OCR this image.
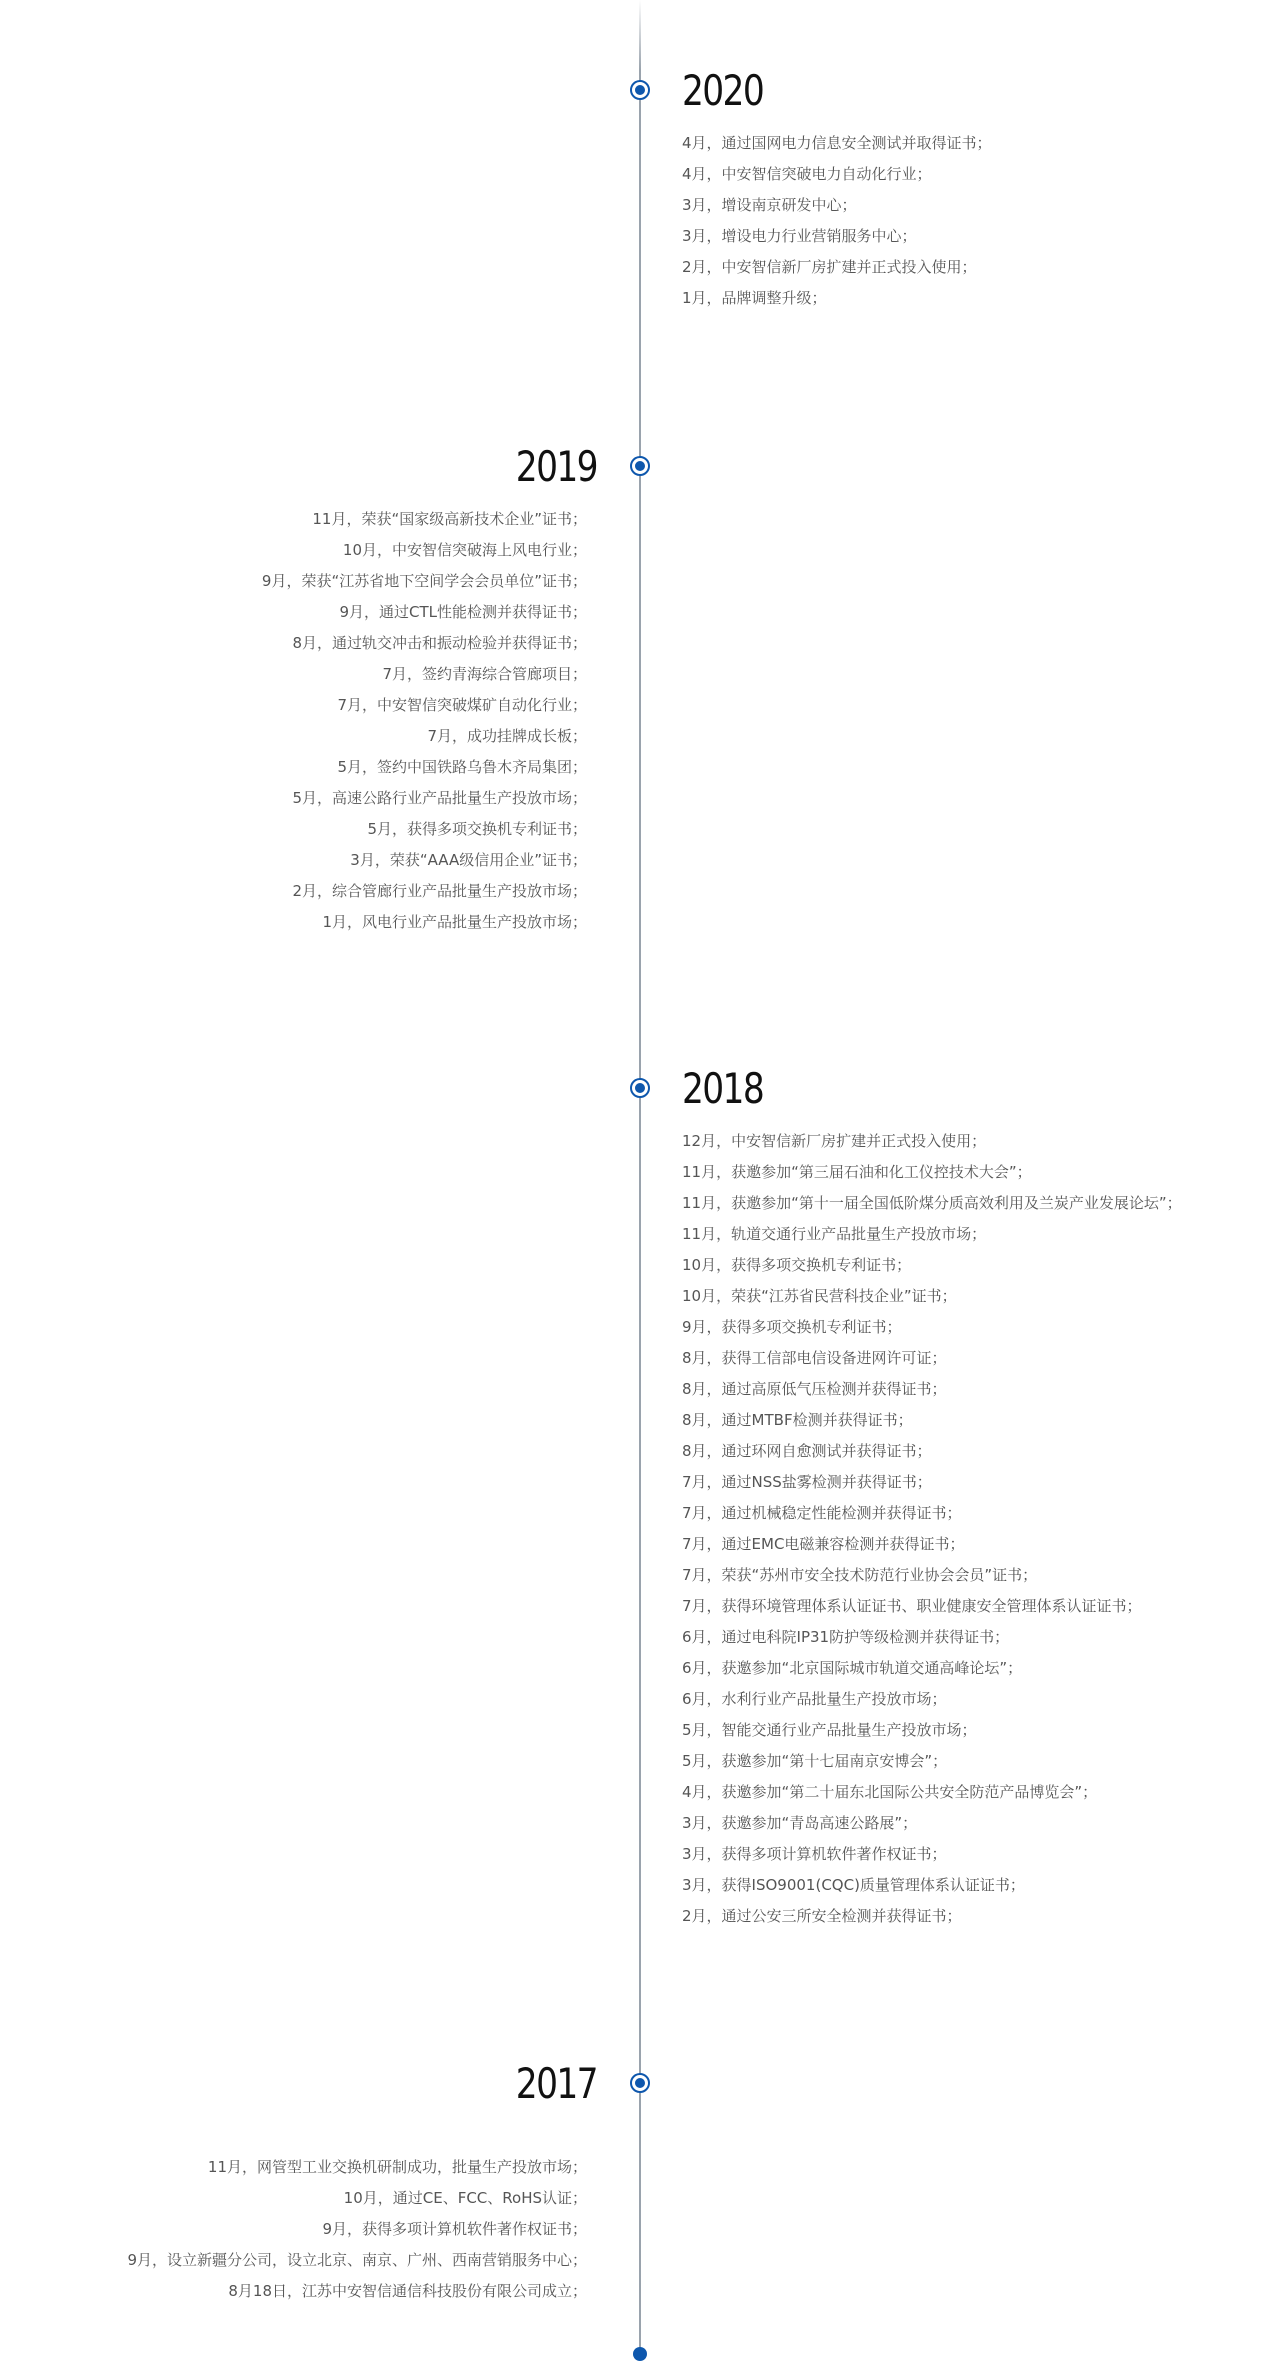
2020
4月，通过国网电力信息安全测试并取得证书；
4月，中安智信突破电力自动化行业；
3月，增设南京研发中心；
3月，增设电力行业营销服务中心；
2月，中安智信新厂房扩建并正式投入使用；
1月，品牌调整升级；
2019
11月，荣获“国家级高新技术企业”证书；
10月，中安智信突破海上风电行业；
9月，荣获“江苏省地下空间学会会员单位”证书；
9月，通过CTL性能检测并获得证书；
8月，通过轨交冲击和振动检验并获得证书；
7月，签约青海综合管廊项目；
7月，中安智信突破煤矿自动化行业；
7月，成功挂牌成长板；
5月，签约中国铁路乌鲁木齐局集团；
5月，高速公路行业产品批量生产投放市场；
5月，获得多项交换机专利证书；
3月，荣获“AAA级信用企业”证书；
2月，综合管廊行业产品批量生产投放市场；
1月，风电行业产品批量生产投放市场；
2018
12月，中安智信新厂房扩建并正式投入使用；
11月，获邀参加“第三届石油和化工仪控技术大会”；
11月，获邀参加“第十一届全国低阶煤分质高效利用及兰炭产业发展论坛”；
11月，轨道交通行业产品批量生产投放市场；
10月，获得多项交换机专利证书；
10月，荣获“江苏省民营科技企业”证书；
9月，获得多项交换机专利证书；
8月，获得工信部电信设备进网许可证；
8月，通过高原低气压检测并获得证书；
8月，通过MTBF检测并获得证书；
8月，通过环网自愈测试并获得证书；
7月，通过NSS盐雾检测并获得证书；
7月，通过机械稳定性能检测并获得证书；
7月，通过EMC电磁兼容检测并获得证书；
7月，荣获“苏州市安全技术防范行业协会会员”证书；
7月，获得环境管理体系认证证书、职业健康安全管理体系认证证书；
6月，通过电科院IP31防护等级检测并获得证书；
6月，获邀参加“北京国际城市轨道交通高峰论坛”；
6月，水利行业产品批量生产投放市场；
5月，智能交通行业产品批量生产投放市场；
5月，获邀参加“第十七届南京安博会”；
4月，获邀参加“第二十届东北国际公共安全防范产品博览会”；
3月，获邀参加“青岛高速公路展”；
3月，获得多项计算机软件著作权证书；
3月，获得ISO9001(CQC)质量管理体系认证证书；
2月，通过公安三所安全检测并获得证书；
2017
11月，网管型工业交换机研制成功，批量生产投放市场；
10月，通过CE、FCC、RoHS认证；
9月，获得多项计算机软件著作权证书；
9月，设立新疆分公司，设立北京、南京、广州、西南营销服务中心；
8月18日，江苏中安智信通信科技股份有限公司成立；
